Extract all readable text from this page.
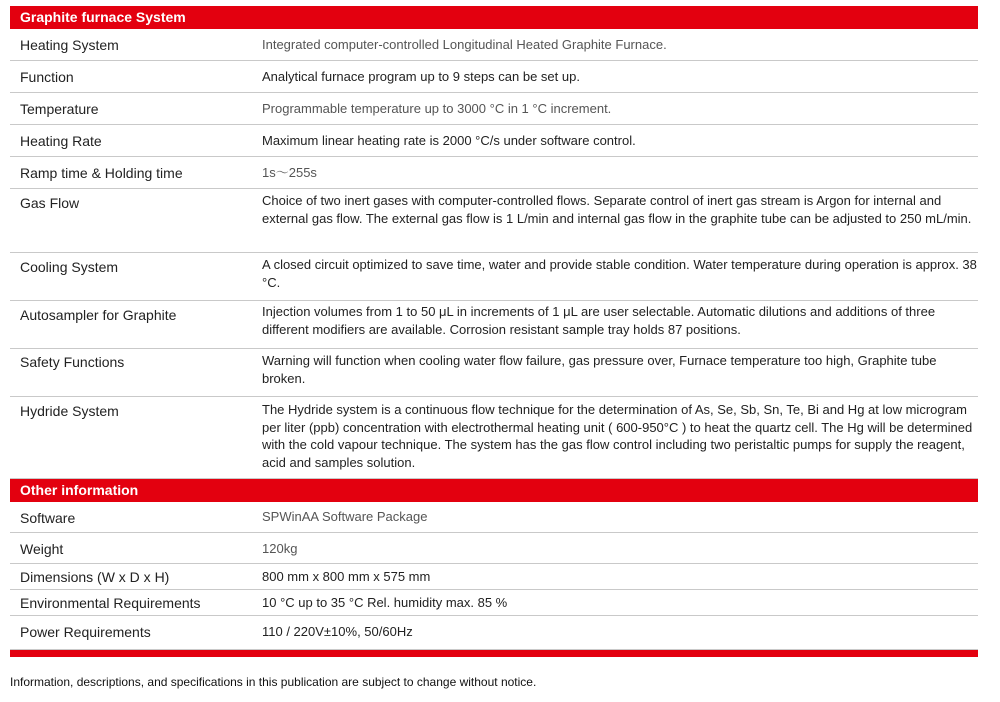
Graphite furnace System
Heating System	Integrated computer-controlled Longitudinal Heated Graphite Furnace.
Function	Analytical furnace program up to 9 steps can be set up.
Temperature	Programmable temperature up to 3000 °C in 1 °C increment.
Heating Rate	Maximum linear heating rate is 2000 °C/s under software control.
Ramp time & Holding time	1s～255s
Gas Flow	Choice of two inert gases with computer-controlled flows. Separate control of inert gas stream is Argon for internal and external gas flow. The external gas flow is 1 L/min and internal gas flow in the graphite tube can be adjusted to 250 mL/min.
Cooling System	A closed circuit optimized to save time, water and provide stable condition. Water temperature during operation is approx. 38 °C.
Autosampler for Graphite	Injection volumes from 1 to 50 μL in increments of 1 μL are user selectable. Automatic dilutions and additions of three different modifiers are available. Corrosion resistant sample tray holds 87 positions.
Safety Functions	Warning will function when cooling water flow failure, gas pressure over, Furnace temperature too high, Graphite tube broken.
Hydride System	The Hydride system is a continuous flow technique for the determination of As, Se, Sb, Sn, Te, Bi and Hg at low microgram per liter (ppb) concentration with electrothermal heating unit ( 600-950°C ) to heat the quartz cell. The Hg will be determined with the cold vapour technique. The system has the gas flow control including two peristaltic pumps for supply the reagent, acid and samples solution.
Other information
Software	SPWinAA Software Package
Weight	120kg
Dimensions (W x D x H)	800 mm x 800 mm x 575 mm
Environmental Requirements	10 °C up to 35 °C Rel. humidity max. 85 %
Power Requirements	110 / 220V±10%, 50/60Hz
Information, descriptions, and specifications in this publication are subject to change without notice.
